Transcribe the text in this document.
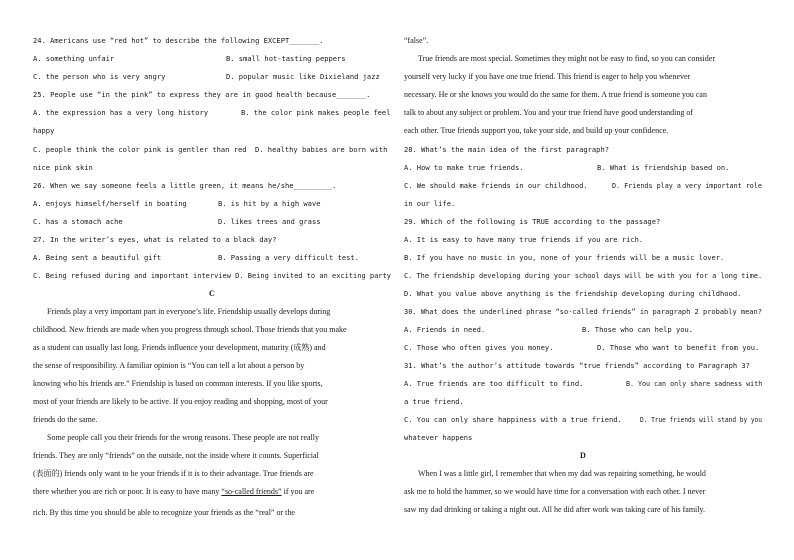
24. Americans use “red hot” to describe the following EXCEPT_______.
A. something unfair	B. small hot-tasting peppers
C. the person who is very angry	D. popular music like Dixieland jazz
25. People use “in the pink” to express they are in good health because_______.
A. the expression has a very long history	B. the color pink makes people feel
happy
C. people think the color pink is gentler than red D. healthy babies are born with
nice pink skin
26. When we say someone feels a little green, it means he/she_________.
A. enjoys himself/herself in boating	B. is hit by a high wave
C. has a stomach ache	D. likes trees and grass
27. In the writer’s eyes, what is related to a black day?
A. Being sent a beautiful gift	B. Passing a very difficult test.
C. Being refused during and important interview D. Being invited to an exciting party
C
Friends play a very important part in everyone’s life. Friendship usually develops during
childhood. New friends are made when you progress through school. Those friends that you make
as a student can usually last long. Friends influence your development, maturity (成熟) and
the sense of responsibility. A familiar opinion is “You can tell a lot about a person by
knowing who his friends are.” Friendship is based on common interests. If you like sports,
most of your friends are likely to be active. If you enjoy reading and shopping, most of your
friends do the same.
Some people call you their friends for the wrong reasons. These people are not really
friends. They are only “friends” on the outside, not the inside where it counts. Superficial
(表面的) friends only want to be your friends if it is to their advantage. True friends are
there whether you are rich or poor. It is easy to have many “so-called friends” if you are
rich. By this time you should be able to recognize your friends as the “real” or the
“false”.
True friends are most special. Sometimes they might not be easy to find, so you can consider
yourself very lucky if you have one true friend. This friend is eager to help you whenever
necessary. He or she knows you would do the same for them. A true friend is someone you can
talk to about any subject or problem. You and your true friend have good understanding of
each other. True friends support you, take your side, and build up your confidence.
28. What’s the main idea of the first paragraph?
A. How to make true friends.	B. What is friendship based on.
C. We should make friends in our childhood.	D. Friends play a very important role
in our life.
29. Which of the following is TRUE according to the passage?
A. It is easy to have many true friends if you are rich.
B. If you have no music in you, none of your friends will be a music lover.
C. The friendship developing during your school days will be with you for a long time.
D. What you value above anything is the friendship developing during childhood.
30. What does the underlined phrase “so-called friends” in paragraph 2 probably mean?
A. Friends in need.	B. Those who can help you.
C. Those who often gives you money.	D. Those who want to benefit from you.
31. What’s the author’s attitude towards “true friends” according to Paragraph 3?
A. True friends are too difficult to find.	B. You can only share sadness with
a true friend.
C. You can only share happiness with a true friend.	D. True friends will stand by you
whatever happens
D
When I was a little girl, I remember that when my dad was repairing something, he would
ask me to hold the hammer, so we would have time for a conversation with each other. I never
saw my dad drinking or taking a night out. All he did after work was taking care of his family.
